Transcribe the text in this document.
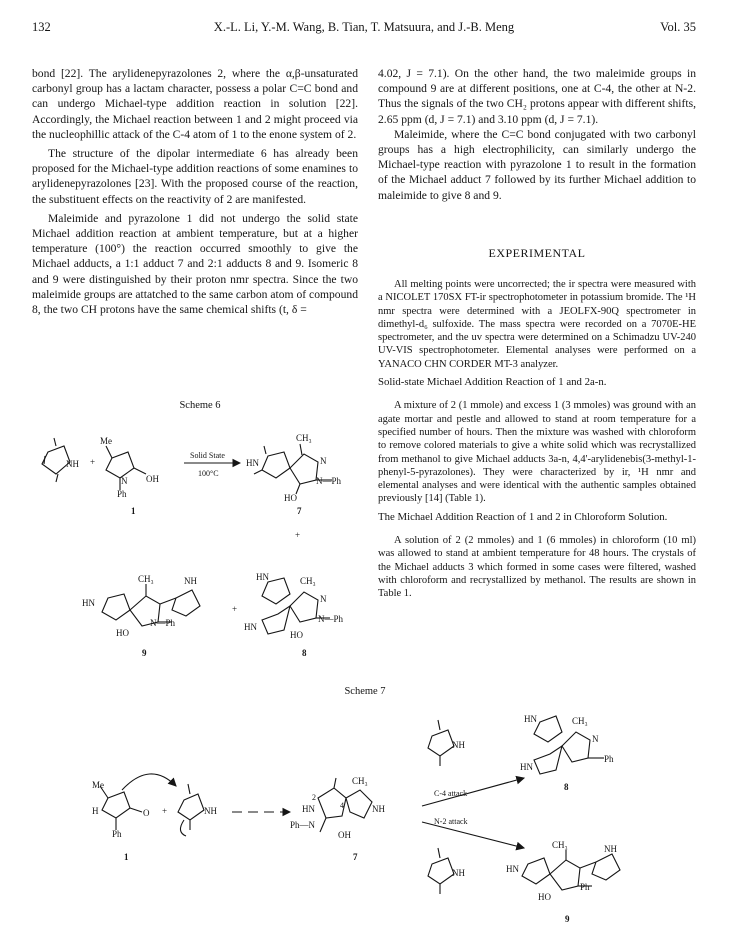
132	X.-L. Li, Y.-M. Wang, B. Tian, T. Matsuura, and J.-B. Meng	Vol. 35

bond [22]. The arylidenepyrazolones 2, where the α,β-unsaturated carbonyl group has a lactam character, possess a polar C=C bond and can undergo Michael-type addition reaction in solution [22]. Accordingly, the Michael reaction between 1 and 2 might proceed via the nucleophillic attack of the C-4 atom of 1 to the enone system of 2.

The structure of the dipolar intermediate 6 has already been proposed for the Michael-type addition reactions of some enamines to arylidenepyrazolones [23]. With the proposed course of the reaction, the substituent effects on the reactivity of 2 are manifested.

Maleimide and pyrazolone 1 did not undergo the solid state Michael addition reaction at ambient temperature, but at a higher temperature (100°) the reaction occurred smoothly to give the Michael adducts, a 1:1 adduct 7 and 2:1 adducts 8 and 9. Isomeric 8 and 9 were distinguished by their proton nmr spectra. Since the two maleimide groups are attatched to the same carbon atom of compound 8, the two CH protons have the same chemical shifts (t, δ =

4.02, J = 7.1). On the other hand, the two maleimide groups in compound 9 are at different positions, one at C-4, the other at N-2. Thus the signals of the two CH₂ protons appear with different shifts, 2.65 ppm (d, J = 7.1) and 3.10 ppm (d, J = 7.1).

Maleimide, where the C=C bond conjugated with two carbonyl groups has a high electrophilicity, can similarly undergo the Michael-type reaction with pyrazolone 1 to result in the formation of the Michael adduct 7 followed by its further Michael addition to maleimide to give 8 and 9.

EXPERIMENTAL

All melting points were uncorrected; the ir spectra were measured with a NICOLET 170SX FT-ir spectrophotometer in potassium bromide. The ¹H nmr spectra were determined with a JEOLFX-90Q spectrometer in dimethyl-d₆ sulfoxide. The mass spectra were recorded on a 7070E-HE spectrometer, and the uv spectra were determined on a Schimadzu UV-240 UV-VIS spectrophotometer. Elemental analyses were performed on a YANACO CHN CORDER MT-3 analyzer.

Solid-state Michael Addition Reaction of 1 and 2a-n.

A mixture of 2 (1 mmole) and excess 1 (3 mmoles) was ground with an agate mortar and pestle and allowed to stand at room temperature for a specified number of hours. Then the mixture was washed with chloroform to remove colored materials to give a white solid which was recrystallized from methanol to give Michael adducts 3a-n, 4,4'-arylidenebis(3-methyl-1-phenyl-5-pyrazolones). They were characterized by ir, ¹H nmr and elemental analyses and were identical with the authentic samples obtained previously [14] (Table 1).

The Michael Addition Reaction of 1 and 2 in Chloroform Solution.

A solution of 2 (2 mmoles) and 1 (6 mmoles) in chloroform (10 ml) was allowed to stand at ambient temperature for 48 hours. The crystals of the Michael adducts 3 which formed in some cases were filtered, washed with chloroform and recrystallized by methanol. The results are shown in Table 1.

Scheme 6
Scheme 7
NH +
Me
N OH
Ph
1
Solid State
100°C
HN
CH₃
N
N—Ph
HO
7
+
HN
CH₃	NH
N—Ph
HO
9
+
HN	CH₃
N
N—Ph
HN
HO
8
Me
H	O
Ph
1
+	NH
2
HN
CH₃
4	NH
Ph—N
OH
7
C-4 attack
N-2 attack
NH
NH
HN	CH₃
N
Ph
HN
8
HN
CH₃	NH
Ph
HO
9
